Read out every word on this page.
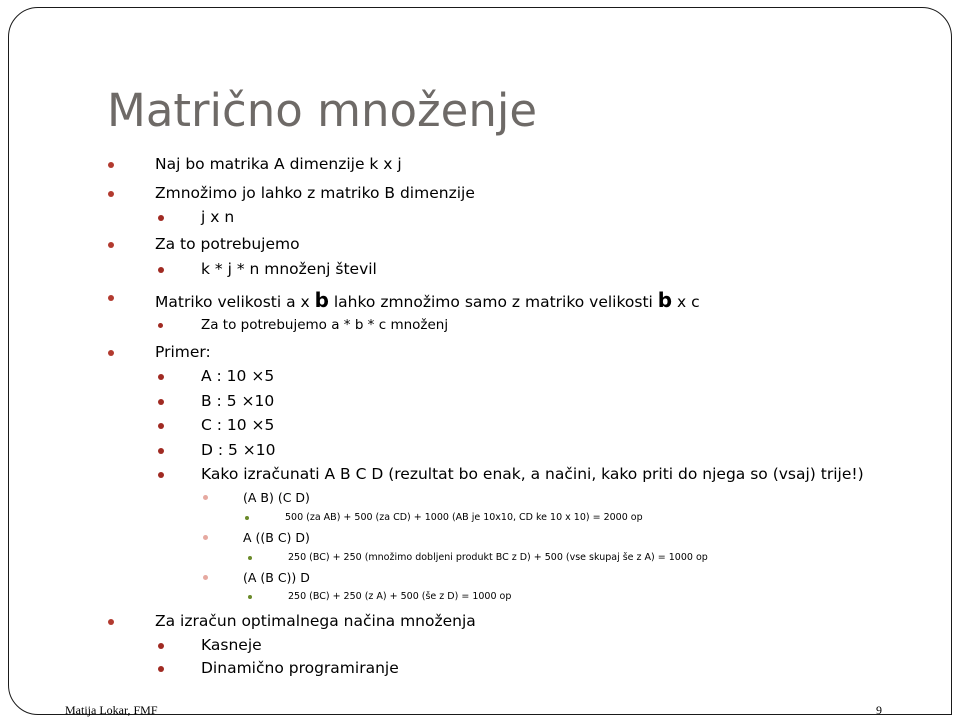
Matrično množenje
Naj bo matrika A dimenzije k x j
Zmnožimo jo lahko z matriko B dimenzije
j x n
Za to potrebujemo
k * j * n množenj števil
Matriko velikosti a x b lahko zmnožimo samo z matriko velikosti b x c
Za to potrebujemo a * b * c množenj
Primer:
A : 10 ⨯5
B : 5 ⨯10
C : 10 ⨯5
D : 5 ⨯10
Kako izračunati A B C D (rezultat bo enak, a načini, kako priti do njega so (vsaj) trije!)
(A B) (C D)
500 (za AB) + 500 (za CD) + 1000 (AB je 10x10, CD ke 10 x 10) = 2000 op
A ((B C) D)
250 (BC) + 250 (množimo dobljeni produkt BC z D) + 500 (vse skupaj še z A) = 1000 op
(A (B C)) D
250 (BC) + 250 (z A) + 500 (še z D) = 1000 op
Za izračun optimalnega načina množenja
Kasneje
Dinamično programiranje
Matija Lokar, FMF	9
